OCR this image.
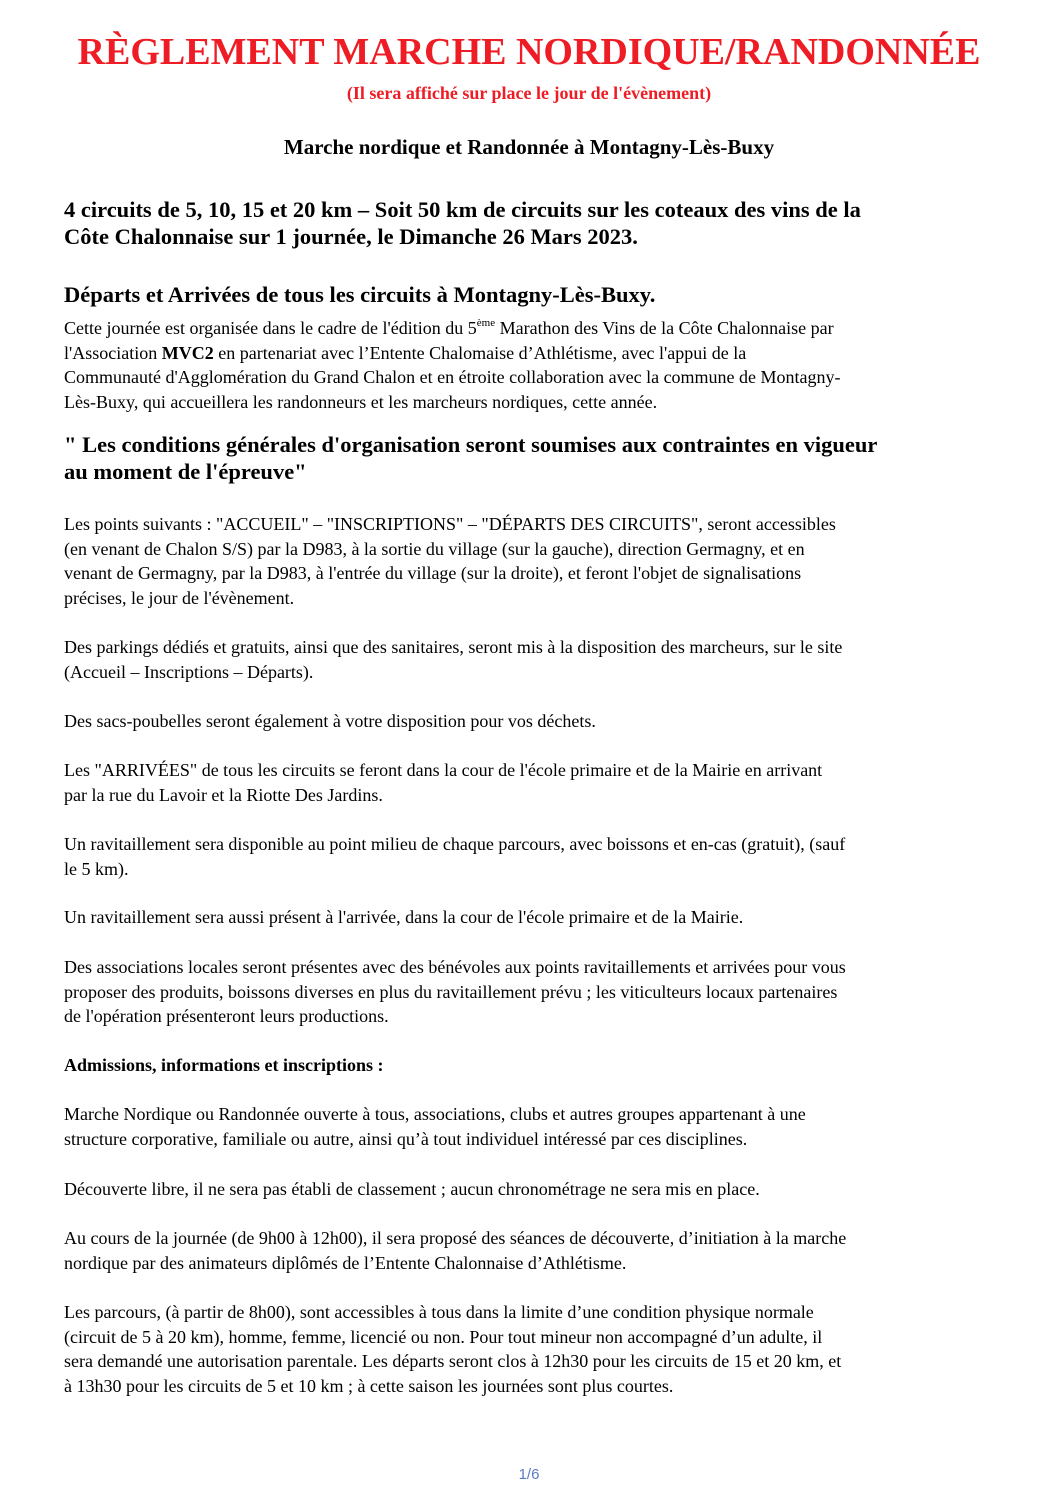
RÈGLEMENT MARCHE NORDIQUE/RANDONNÉE

(Il sera affiché sur place le jour de l'évènement)

Marche nordique et Randonnée à Montagny-Lès-Buxy
4 circuits de 5, 10, 15 et 20 km – Soit 50 km de circuits sur les coteaux des vins de la
Côte Chalonnaise sur 1 journée, le Dimanche 26 Mars 2023.
Départs et Arrivées de tous les circuits à Montagny-Lès-Buxy.
Cette journée est organisée dans le cadre de l'édition du 5ème Marathon des Vins de la Côte Chalonnaise par
l'Association MVC2 en partenariat avec l’Entente Chalomaise d’Athlétisme, avec l'appui de la
Communauté d'Agglomération du Grand Chalon et en étroite collaboration avec la commune de Montagny-
Lès-Buxy, qui accueillera les randonneurs et les marcheurs nordiques, cette année.
" Les conditions générales d'organisation seront soumises aux contraintes en vigueur
au moment de l'épreuve"
Les points suivants : "ACCUEIL" – "INSCRIPTIONS" – "DÉPARTS DES CIRCUITS", seront accessibles
(en venant de Chalon S/S) par la D983, à la sortie du village (sur la gauche), direction Germagny, et en
venant de Germagny, par la D983, à l'entrée du village (sur la droite), et feront l'objet de signalisations
précises, le jour de l'évènement.
Des parkings dédiés et gratuits, ainsi que des sanitaires, seront mis à la disposition des marcheurs, sur le site
(Accueil – Inscriptions – Départs).
Des sacs-poubelles seront également à votre disposition pour vos déchets.
Les "ARRIVÉES" de tous les circuits se feront dans la cour de l'école primaire et de la Mairie en arrivant
par la rue du Lavoir et la Riotte Des Jardins.
Un ravitaillement sera disponible au point milieu de chaque parcours, avec boissons et en-cas (gratuit), (sauf
le 5 km).
Un ravitaillement sera aussi présent à l'arrivée, dans la cour de l'école primaire et de la Mairie.
Des associations locales seront présentes avec des bénévoles aux points ravitaillements et arrivées pour vous
proposer des produits, boissons diverses en plus du ravitaillement prévu ; les viticulteurs locaux partenaires
de l'opération présenteront leurs productions.
Admissions, informations et inscriptions :
Marche Nordique ou Randonnée ouverte à tous, associations, clubs et autres groupes appartenant à une
structure corporative, familiale ou autre, ainsi qu’à tout individuel intéressé par ces disciplines.
Découverte libre, il ne sera pas établi de classement ; aucun chronométrage ne sera mis en place.
Au cours de la journée (de 9h00 à 12h00), il sera proposé des séances de découverte, d’initiation à la marche
nordique par des animateurs diplômés de l’Entente Chalonnaise d’Athlétisme.
Les parcours, (à partir de 8h00), sont accessibles à tous dans la limite d’une condition physique normale
(circuit de 5 à 20 km), homme, femme, licencié ou non. Pour tout mineur non accompagné d’un adulte, il
sera demandé une autorisation parentale. Les départs seront clos à 12h30 pour les circuits de 15 et 20 km, et
à 13h30 pour les circuits de 5 et 10 km ; à cette saison les journées sont plus courtes.
1/6
